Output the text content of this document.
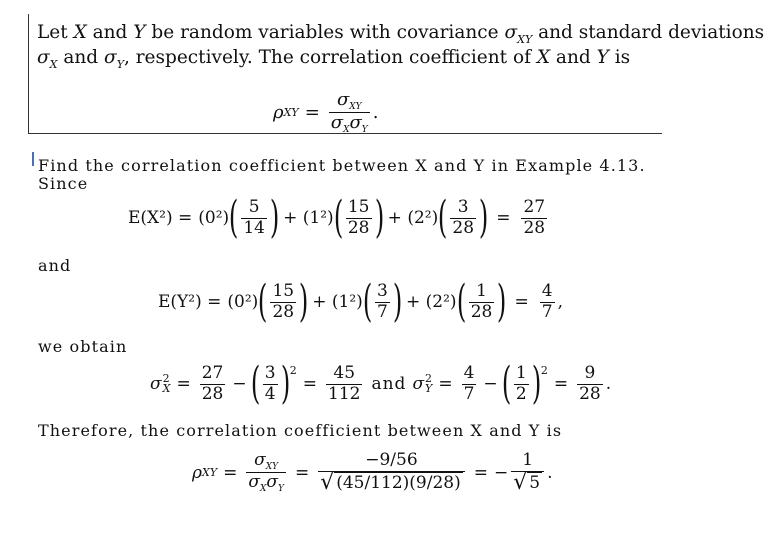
Let X and Y be random variables with covariance $\sigma_{XY}$ and standard deviations
$\sigma_X$ and $\sigma_Y$, respectively. The correlation coefficient of X and Y is
ρ XY = $\frac{\sigma_{XY}}{\sigma_X\sigma_Y}$ .
Find the correlation coefficient between X and Y in Example 4.13.
Since
E(X²) = (0²) ( $\frac{5}{14}$ ) + (1²) ( $\frac{15}{28}$ ) + (2²) ( $\frac{3}{28}$ ) = $\frac{27}{28}$
and
E(Y²) = (0²) ( $\frac{15}{28}$ ) + (1²) ( $\frac{3}{7}$ ) + (2²) ( $\frac{1}{28}$ ) = $\frac{4}{7}$ ,
we obtain
σ 2
$X = \frac{27}{28}$ − ( $\frac{3}{4}$ ) 2
= $\frac{45}{112}$ and σ 2
$Y = \frac{4}{7}$ − ( $\frac{1}{2}$ ) 2
= $\frac{9}{28}$ .
Therefore, the correlation coefficient between X and Y is
ρ XY = $\frac{\sigma_{XY}}{\sigma_X\sigma_Y} = \frac{-9/56}{√ (45/112)(9/28)}$ = − $\frac{1}{√ 5}$ .
